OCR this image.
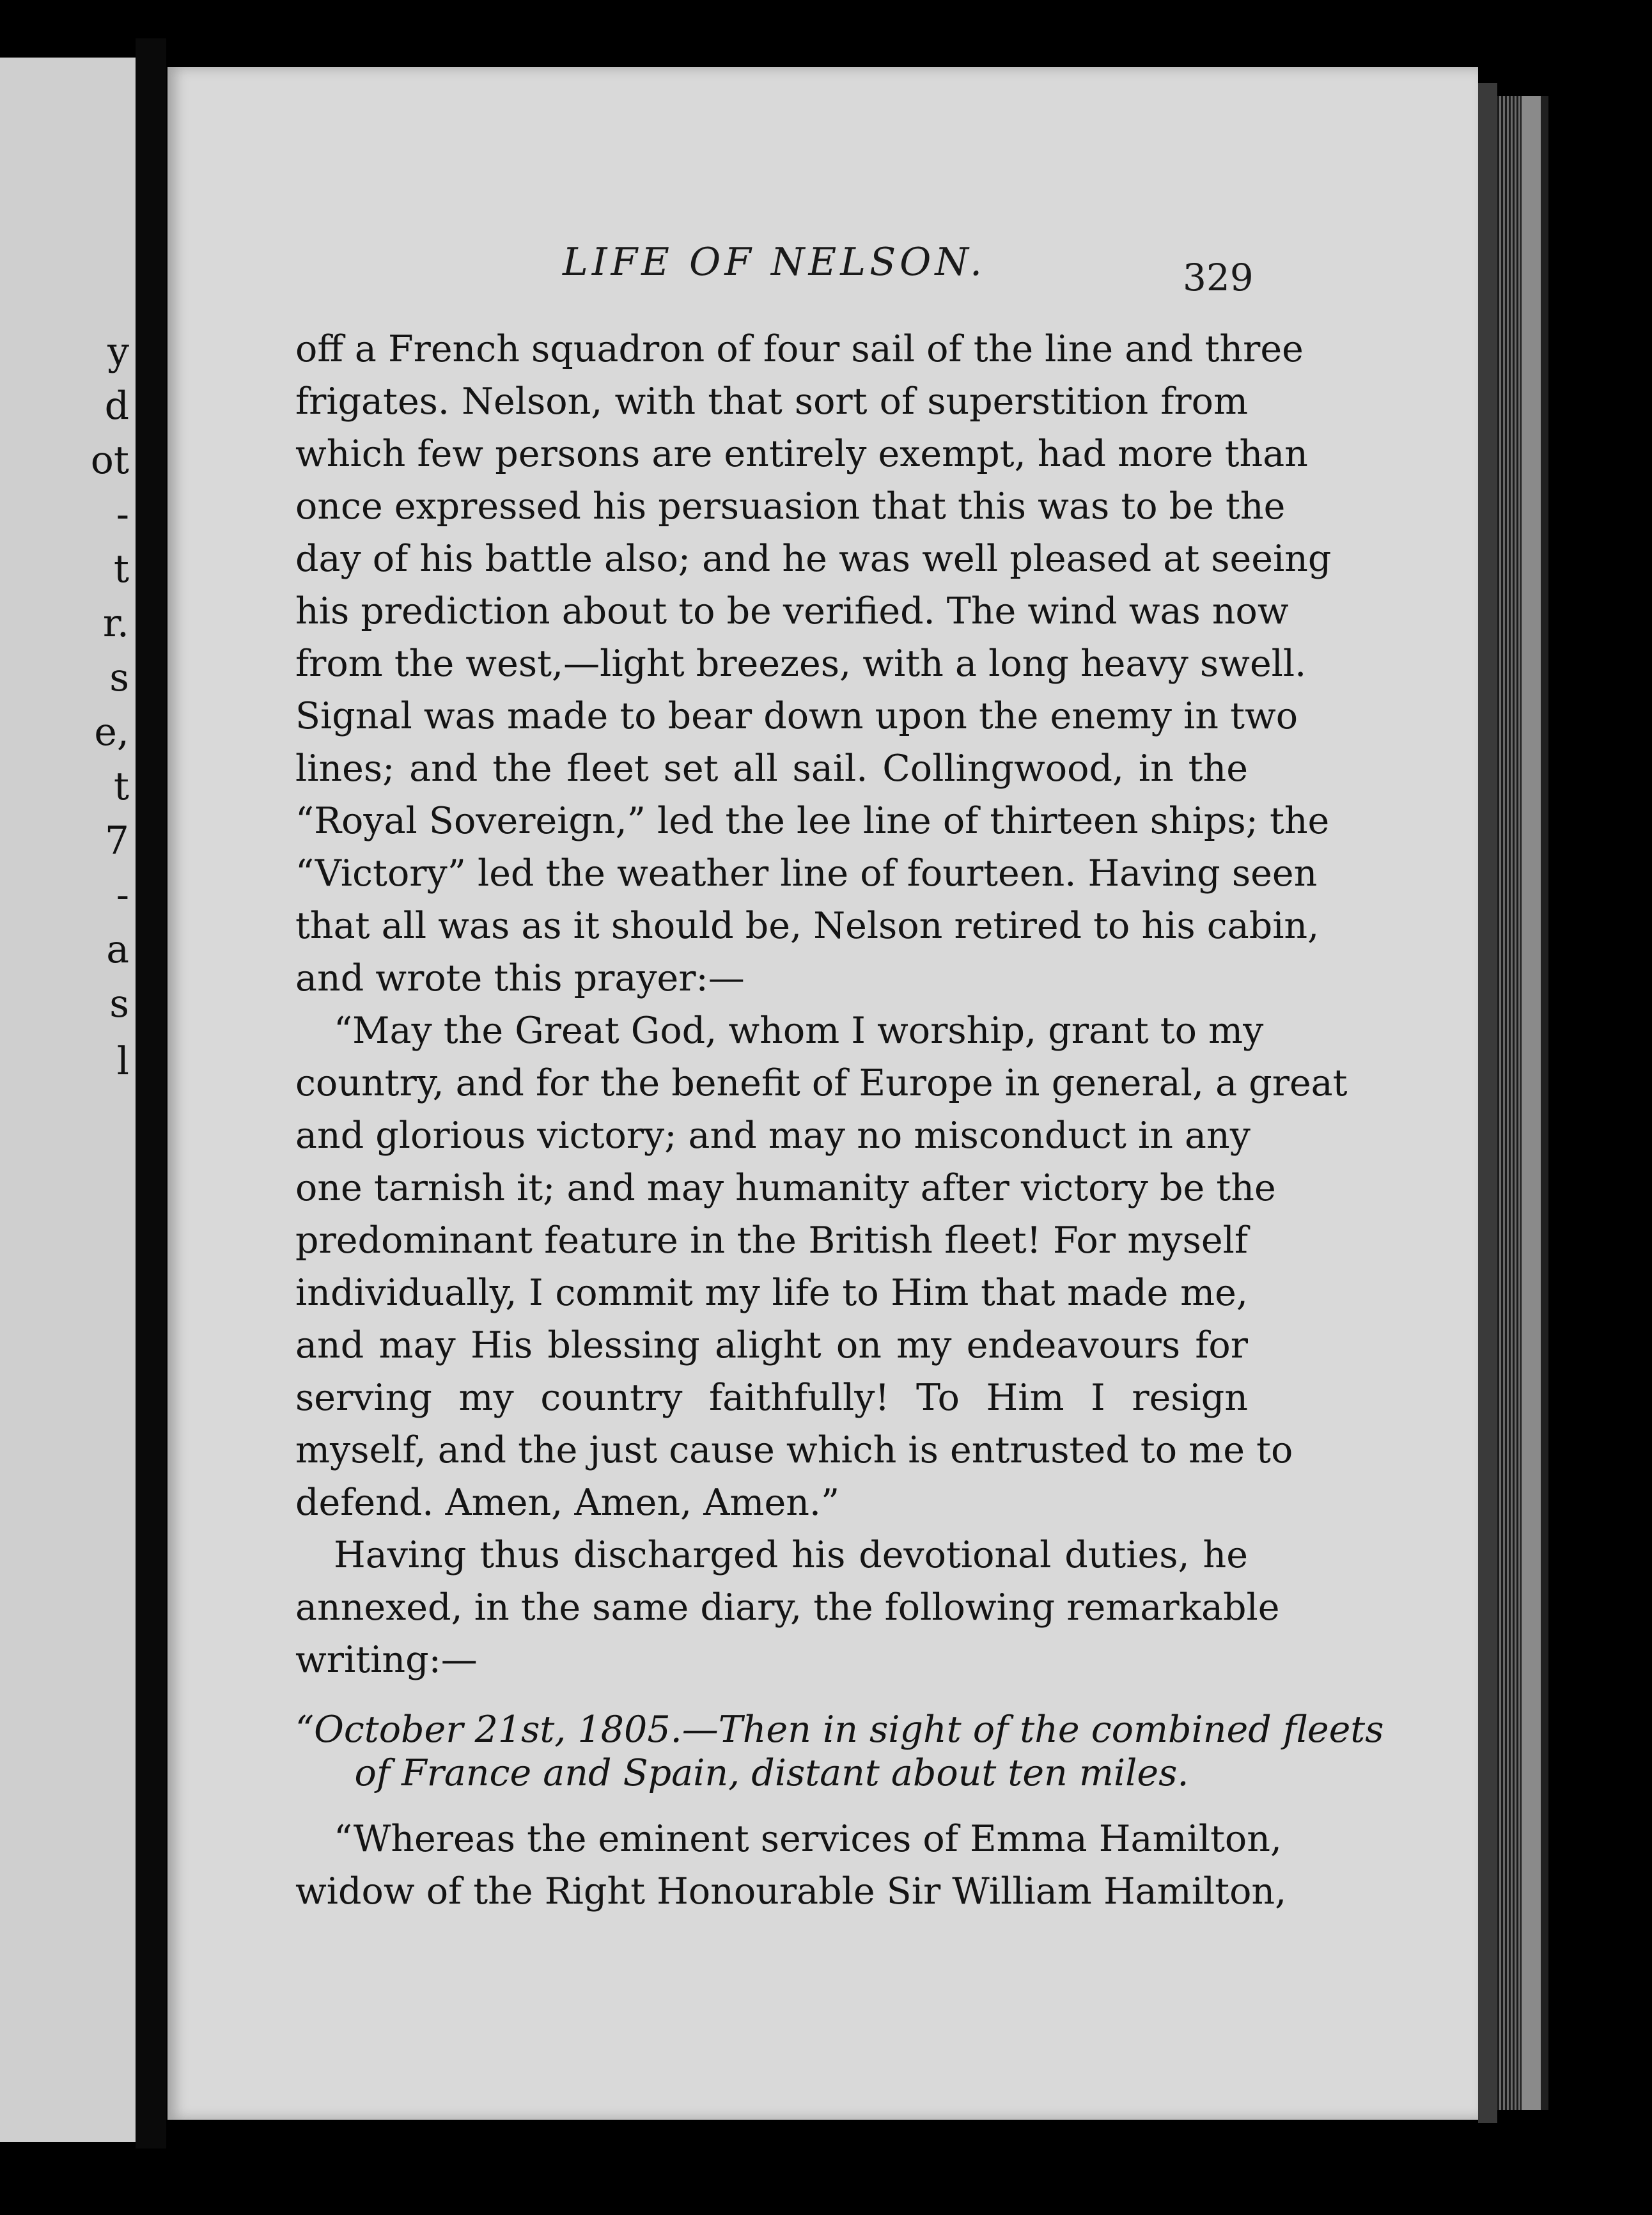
y
d
ot
-
t
r.
s
e,
t
7
-
a
s
l
LIFE OF NELSON.	329
off a French squadron of four sail of the line and three
frigates. Nelson, with that sort of superstition from
which few persons are entirely exempt, had more than
once expressed his persuasion that this was to be the
day of his battle also; and he was well pleased at seeing
his prediction about to be verified. The wind was now
from the west,—light breezes, with a long heavy swell.
Signal was made to bear down upon the enemy in two
lines; and the fleet set all sail. Collingwood, in the
“Royal Sovereign,” led the lee line of thirteen ships; the
“Victory” led the weather line of fourteen. Having seen
that all was as it should be, Nelson retired to his cabin,
and wrote this prayer:—
“May the Great God, whom I worship, grant to my
country, and for the benefit of Europe in general, a great
and glorious victory; and may no misconduct in any
one tarnish it; and may humanity after victory be the
predominant feature in the British fleet! For myself
individually, I commit my life to Him that made me,
and may His blessing alight on my endeavours for
serving my country faithfully! To Him I resign
myself, and the just cause which is entrusted to me to
defend. Amen, Amen, Amen.”
Having thus discharged his devotional duties, he
annexed, in the same diary, the following remarkable
writing:—
“October 21st, 1805.—Then in sight of the combined fleets
of France and Spain, distant about ten miles.
“Whereas the eminent services of Emma Hamilton,
widow of the Right Honourable Sir William Hamilton,
